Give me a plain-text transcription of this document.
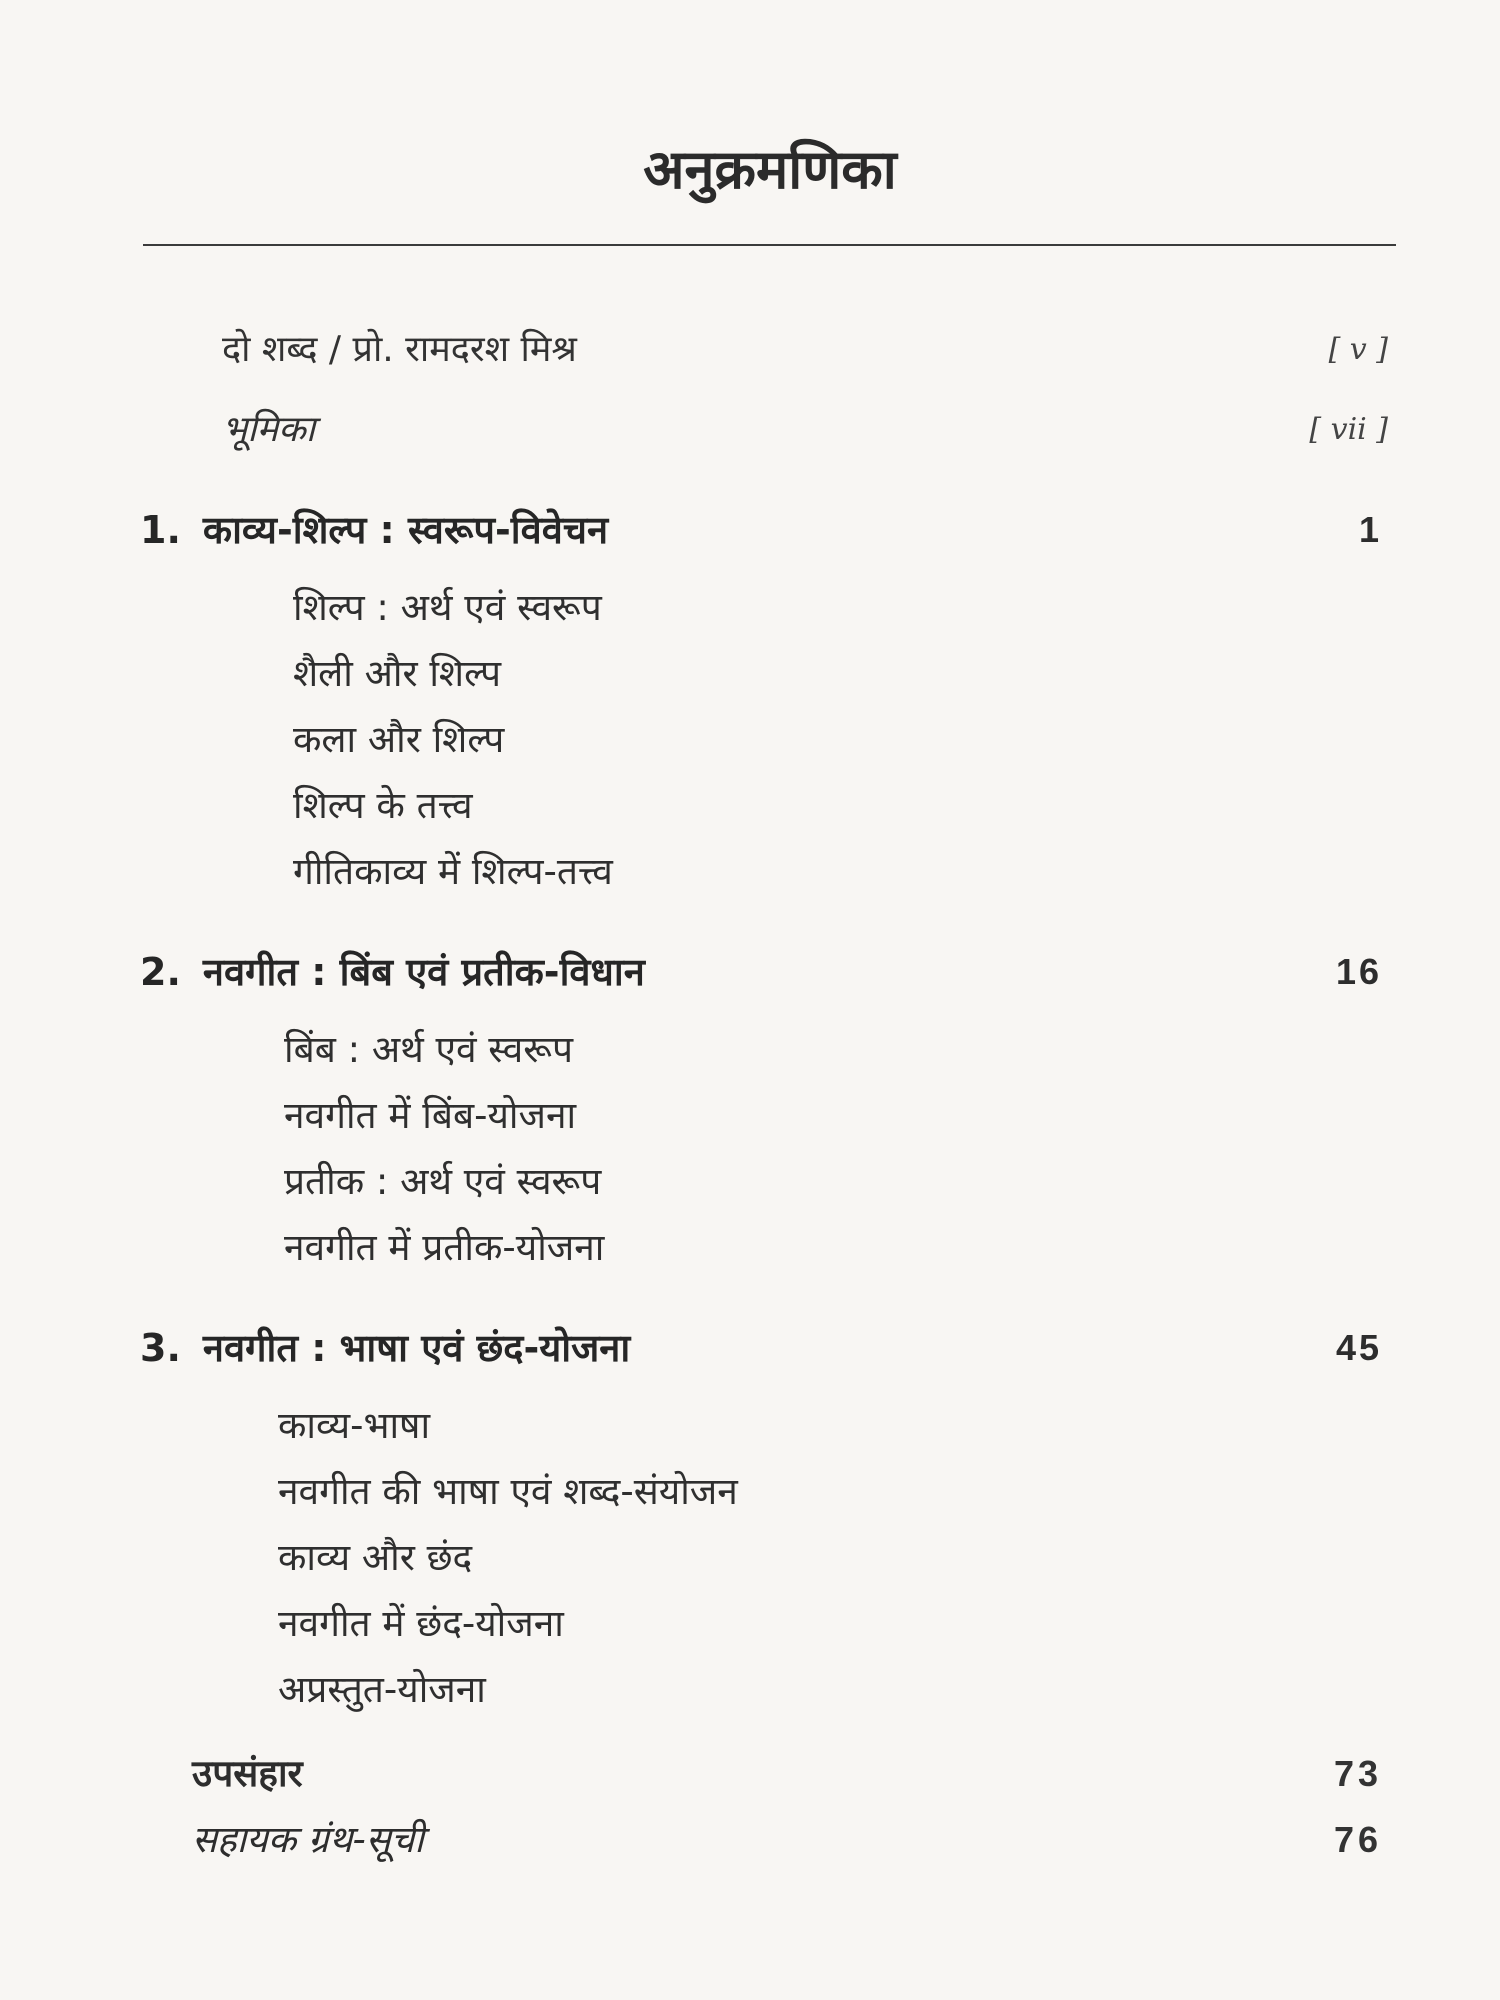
अनुक्रमणिका
दो शब्द / प्रो. रामदरश मिश्र	[ v ]
भूमिका	[ vii ]
1. काव्य-शिल्प : स्वरूप-विवेचन	1
शिल्प : अर्थ एवं स्वरूप
शैली और शिल्प
कला और शिल्प
शिल्प के तत्त्व
गीतिकाव्य में शिल्प-तत्त्व
2. नवगीत : बिंब एवं प्रतीक-विधान	16
बिंब : अर्थ एवं स्वरूप
नवगीत में बिंब-योजना
प्रतीक : अर्थ एवं स्वरूप
नवगीत में प्रतीक-योजना
3. नवगीत : भाषा एवं छंद-योजना	45
काव्य-भाषा
नवगीत की भाषा एवं शब्द-संयोजन
काव्य और छंद
नवगीत में छंद-योजना
अप्रस्तुत-योजना
उपसंहार	73
सहायक ग्रंथ-सूची	76
